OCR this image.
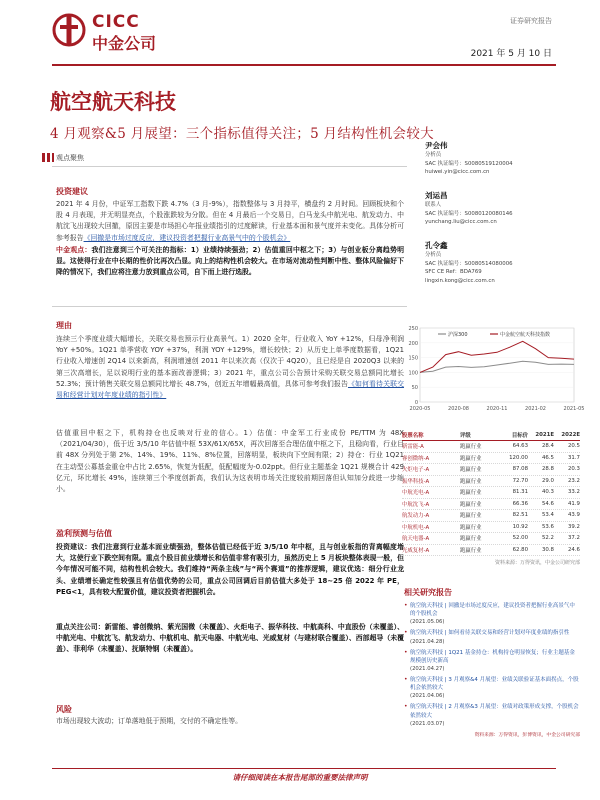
CICC
中金公司
证券研究报告
2021 年 5 月 10 日
航空航天科技
4 月观察&5 月展望：三个指标值得关注；5 月结构性机会较大
观点聚焦
投资建议
2021 年 4 月份，中证军工指数下跌 4.7%（3 月-9%），指数整体与 3 月持平，横盘约 2 月时间。回顾板块和个股 4 月表现，并无明显亮点，个股涨跌较为分散。但在 4 月最后一个交易日，白马龙头中航光电、航发动力、中航沈飞出现较大回撤，原因主要是市场担心年报业绩指引的过度解读，行业基本面和景气度并未变化。具体分析可参考报告《回撤是市场过度反应，建议投资者把握行业高景气中的个股机会》
中金观点：我们注意到三个可关注的指标：1）业绩持续强劲；2）估值重回中枢之下；3）与创业板分离趋势明显。这使得行业在中长期的性价比再次凸显。向上的结构性机会较大。在市场对流动性判断中性、整体风险偏好下降的情况下，我们应将注意力放到重点公司，自下而上进行选股。
理由
连续三个季度业绩大幅增长，关联交易也预示行业高景气。1）2020 全年，行业收入 YoY +12%，归母净利润 YoY +50%。1Q21 单季营收 YOY +37%，利润 YOY +129%，增长较快；2）从历史上单季度数据看，1Q21 行业收入增速创 2Q14 以来新高，利润增速创 2011 年以来次高（仅次于 4Q20），且已经是自 2020Q3 以来的第三次高增长，足以说明行业的基本面改善逻辑；3）2021 年，重点公司公告预计采购关联交易总额同比增长 52.3%；预计销售关联交易总额同比增长 48.7%，创近五年增幅最高值，具体可参考我们报告《如何看待关联交易和经营计划对年度业绩的指引性》
估值重回中枢之下，机构持仓也反映对行业的信心。1）估值：中金军工行业成份 PE/TTM 为 48X（2021/04/30），低于近 3/5/10 年估值中枢 53X/61X/65X，再次回落至合理估值中枢之下，且稳向看，行业目前 48X 分列处于第 2%、14%、19%、11%、8%位置，回落明显，板块向下空间有限；2）持仓：行业 1Q21 在主动型公募基金重仓中占比 2.65%，恢复为低配，低配幅度为-0.02ppt。但行业主题基金 1Q21 规模合计 429 亿元，环比增长 49%，连续第三个季度创新高，我们认为这表明市场关注度较前期回落但认知加分歧进一步缩小。
盈利预测与估值
投资建议：我们注意到行业基本面业绩强劲，整体估值已经低于近 3/5/10 年中枢，且与创业板指的背离幅度增大，这使行业下跌空间有限。重点个股目前业绩增长和估值非常有吸引力，虽然历史上 5 月板块整体表现一般，但今年情况可能不同，结构性机会较大。我们维持“两条主线”与“两个赛道”的推荐逻辑，建议优选：细分行业龙头、业绩增长确定性较强且有估值优势的公司，重点公司回调后目前估值大多处于 18~25 倍 2022 年 PE，PEG<1，具有较大配置价值，建议投资者把握机会。
重点关注公司：新雷能、睿创微纳、紫光国微（未覆盖）、火炬电子、振华科技、中航高科、中直股份（未覆盖）、中航光电、中航沈飞、航发动力、中航机电、航天电器、中航光电、光威复材（与建材联合覆盖）、西部超导（未覆盖）、菲利华（未覆盖）、抚顺特钢（未覆盖）。
风险
市场出现较大波动；订单落地低于预期，交付的不确定性等。
尹会伟
分析员
SAC 执证编号：S0080519120004
huiwei.yin@cicc.com.cn
刘运昌
联系人
SAC 执证编号：S0080120080146
yunchang.liu@cicc.com.cn
孔令鑫
分析员
SAC 执证编号：S0080514080006
SFC CE Ref：BDA769
lingxin.kong@cicc.com.cn
250
200
150
100
50
0
2020-05	2020-08	2020-11	2021-02	2021-05
沪深300	中金航空航天科技指数
股票名称	评级	目标价	2021E	2022E
新雷能-A	跑赢行业	64.63	28.4	20.5
睿创微纳-A	跑赢行业	120.00	46.5	31.7
火炬电子-A	跑赢行业	87.08	28.8	20.3
振华科技-A	跑赢行业	72.70	29.0	23.2
中航光电-A	跑赢行业	81.31	40.3	33.2
中航沈飞-A	跑赢行业	66.36	54.6	41.9
航发动力-A	跑赢行业	82.51	53.4	43.9
中航机电-A	跑赢行业	10.92	53.6	39.2
航天电器-A	跑赢行业	52.00	52.2	37.2
光威复材-A	跑赢行业	62.80	30.8	24.6
资料来源：万得资讯，中金公司研究部
相关研究报告
• 航空航天科技 | 回撤是市场过度反应，建议投资者把握行业高景气中的个股机会
(2021.05.06)
• 航空航天科技 | 如何看待关联交易和经营计划对年度业绩的指引性
(2021.04.28)
• 航空航天科技 | 1Q21 基金持仓：机构持仓明显恢复；行业主题基金规模创历史新高
(2021.04.27)
• 航空航天科技 | 3 月观察&4 月展望：业绩关联验证基本面拐点，个股机会依然较大
(2021.04.06)
• 航空航天科技 | 2 月观察&3 月展望：业绩对政策形成支撑，个股机会依然较大
(2021.03.07)
资料来源：万得资讯，彭博资讯，中金公司研究部
请仔细阅读在本报告尾部的重要法律声明
